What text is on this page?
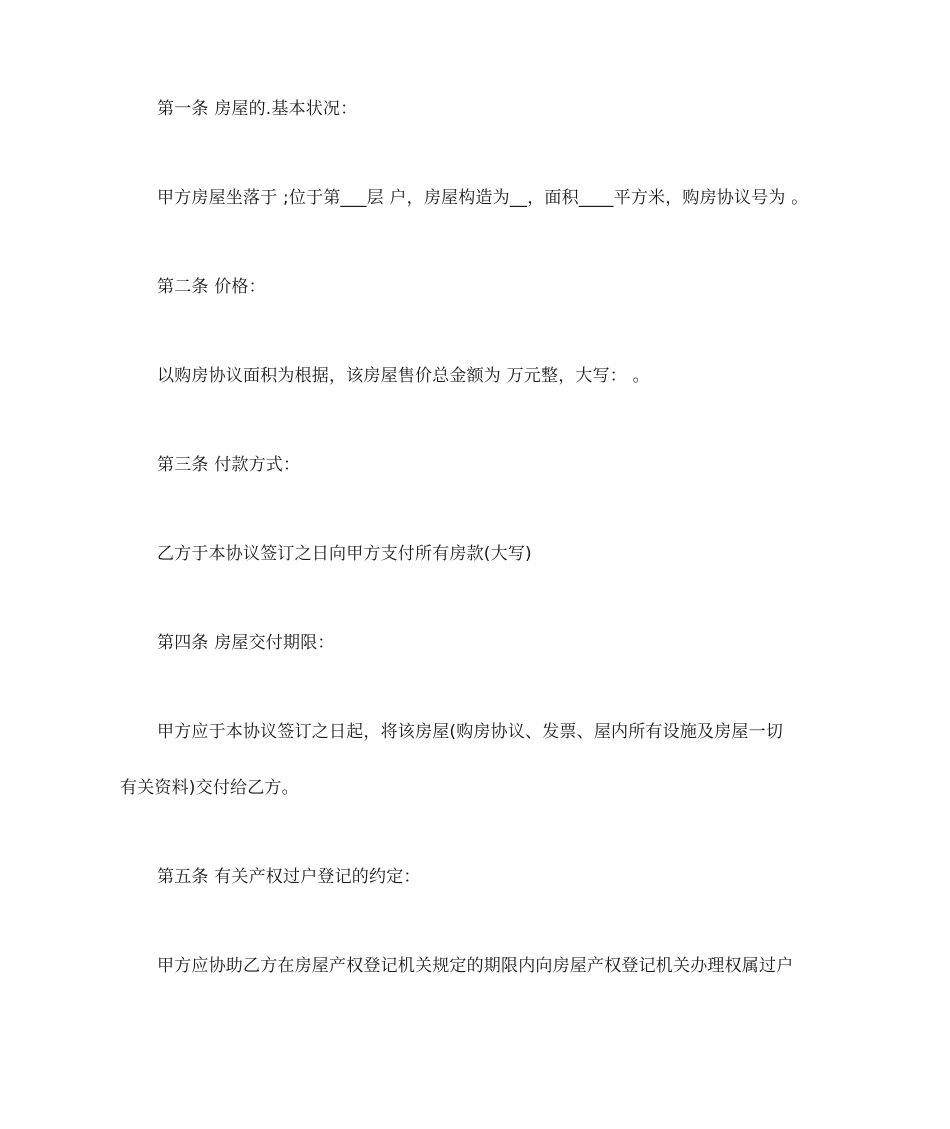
第一条 房屋的.基本状况：
甲方房屋坐落于 ;位于第___层 户，房屋构造为__，面积____平方米，购房协议号为 。
第二条 价格：
以购房协议面积为根据，该房屋售价总金额为 万元整，大写： 。
第三条 付款方式：
乙方于本协议签订之日向甲方支付所有房款(大写)
第四条 房屋交付期限：
甲方应于本协议签订之日起，将该房屋(购房协议、发票、屋内所有设施及房屋一切
有关资料)交付给乙方。
第五条 有关产权过户登记的约定：
甲方应协助乙方在房屋产权登记机关规定的期限内向房屋产权登记机关办理权属过户
